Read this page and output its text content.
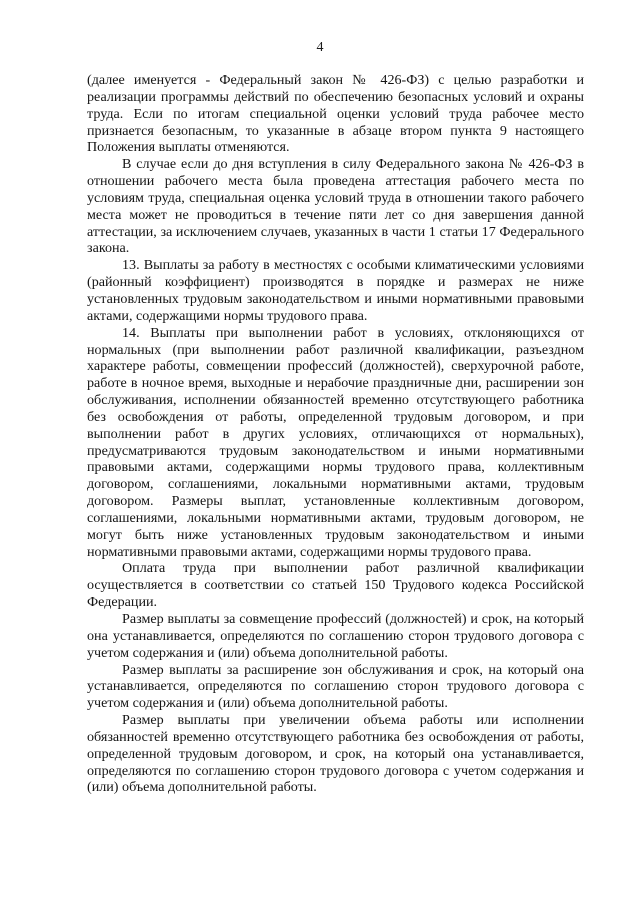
4

(далее именуется - Федеральный закон № 426-ФЗ) с целью разработки и реализации программы действий по обеспечению безопасных условий и охраны труда. Если по итогам специальной оценки условий труда рабочее место признается безопасным, то указанные в абзаце втором пункта 9 настоящего Положения выплаты отменяются.

В случае если до дня вступления в силу Федерального закона № 426-ФЗ в отношении рабочего места была проведена аттестация рабочего места по условиям труда, специальная оценка условий труда в отношении такого рабочего места может не проводиться в течение пяти лет со дня завершения данной аттестации, за исключением случаев, указанных в части 1 статьи 17 Федерального закона.

13. Выплаты за работу в местностях с особыми климатическими условиями (районный коэффициент) производятся в порядке и размерах не ниже установленных трудовым законодательством и иными нормативными правовыми актами, содержащими нормы трудового права.

14. Выплаты при выполнении работ в условиях, отклоняющихся от нормальных (при выполнении работ различной квалификации, разъездном характере работы, совмещении профессий (должностей), сверхурочной работе, работе в ночное время, выходные и нерабочие праздничные дни, расширении зон обслуживания, исполнении обязанностей временно отсутствующего работника без освобождения от работы, определенной трудовым договором, и при выполнении работ в других условиях, отличающихся от нормальных), предусматриваются трудовым законодательством и иными нормативными правовыми актами, содержащими нормы трудового права, коллективным договором, соглашениями, локальными нормативными актами, трудовым договором. Размеры выплат, установленные коллективным договором, соглашениями, локальными нормативными актами, трудовым договором, не могут быть ниже установленных трудовым законодательством и иными нормативными правовыми актами, содержащими нормы трудового права.

Оплата труда при выполнении работ различной квалификации осуществляется в соответствии со статьей 150 Трудового кодекса Российской Федерации.

Размер выплаты за совмещение профессий (должностей) и срок, на который она устанавливается, определяются по соглашению сторон трудового договора с учетом содержания и (или) объема дополнительной работы.

Размер выплаты за расширение зон обслуживания и срок, на который она устанавливается, определяются по соглашению сторон трудового договора с учетом содержания и (или) объема дополнительной работы.

Размер выплаты при увеличении объема работы или исполнении обязанностей временно отсутствующего работника без освобождения от работы, определенной трудовым договором, и срок, на который она устанавливается, определяются по соглашению сторон трудового договора с учетом содержания и (или) объема дополнительной работы.
